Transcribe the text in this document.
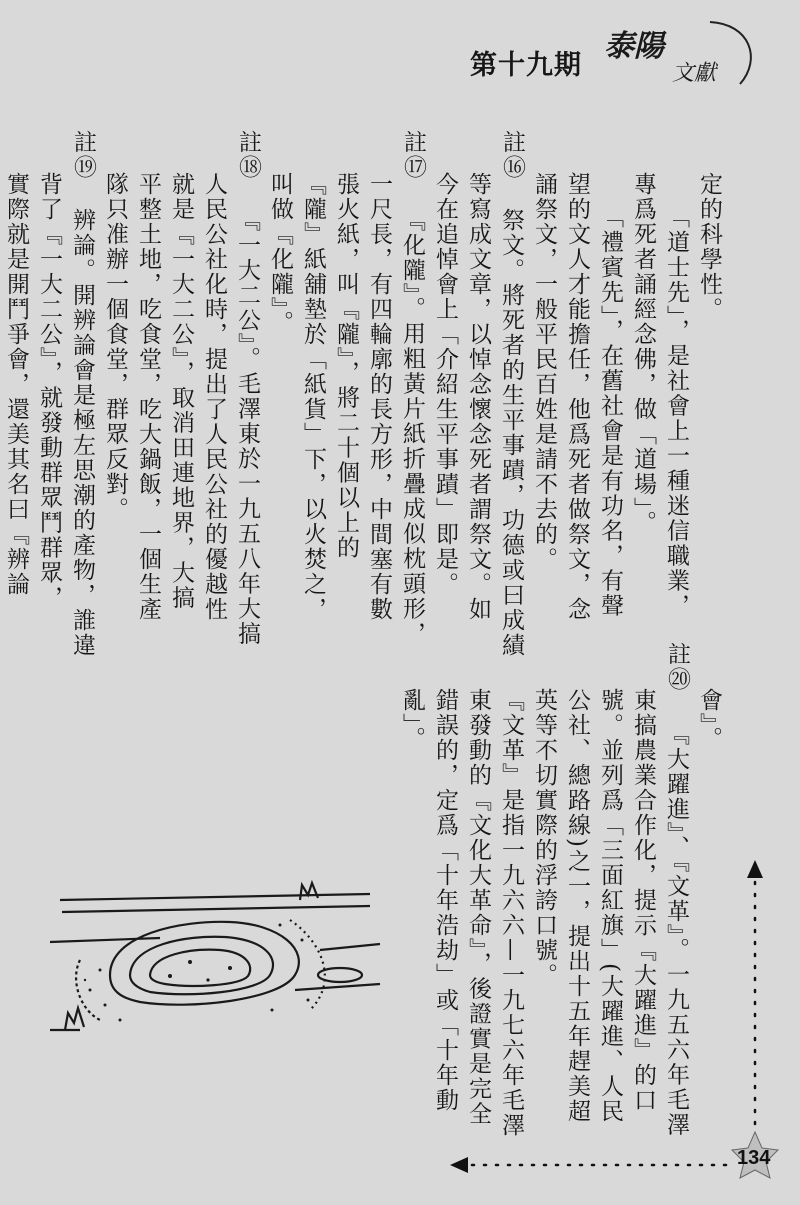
第十九期
泰陽
文獻
定的科學性。
「道士先」，是社會上一種迷信職業，
專爲死者誦經念佛，做「道場」。
「禮賓先」，在舊社會是有功名，有聲
望的文人才能擔任，他爲死者做祭文，念
誦祭文，一般平民百姓是請不去的。
註⑯
祭文。將死者的生平事蹟，功德或曰成績
等寫成文章，以悼念懷念死者謂祭文。如
今在追悼會上「介紹生平事蹟」即是。
註⑰
『化隴』。用粗黃片紙折疊成似枕頭形，
一尺長，有四輪廓的長方形，中間塞有數
張火紙，叫『隴』，將二十個以上的
『隴』紙舖墊於「紙貨」下，以火焚之，
叫做『化隴』。
註⑱
『一大二公』。毛澤東於一九五八年大搞
人民公社化時，提出了人民公社的優越性
就是『一大二公』，取消田連地界，大搞
平整土地，吃食堂，吃大鍋飯，一個生產
隊只准辦一個食堂，群眾反對。
註⑲
辨論。開辨論會是極左思潮的產物，誰違
背了『一大二公』，就發動群眾鬥群眾，
實際就是開鬥爭會，還美其名曰『辨論
會』。
註⑳
『大躍進』、『文革』。一九五六年毛澤
東搞農業合作化，提示『大躍進』的口
號。並列爲「三面紅旗」(大躍進、人民
公社、總路線)之一，提出十五年趕美超
英等不切實際的浮誇口號。
『文革』是指一九六六—一九七六年毛澤
東發動的『文化大革命』，後證實是完全
錯誤的，定爲「十年浩劫」或「十年動
亂」。
134
